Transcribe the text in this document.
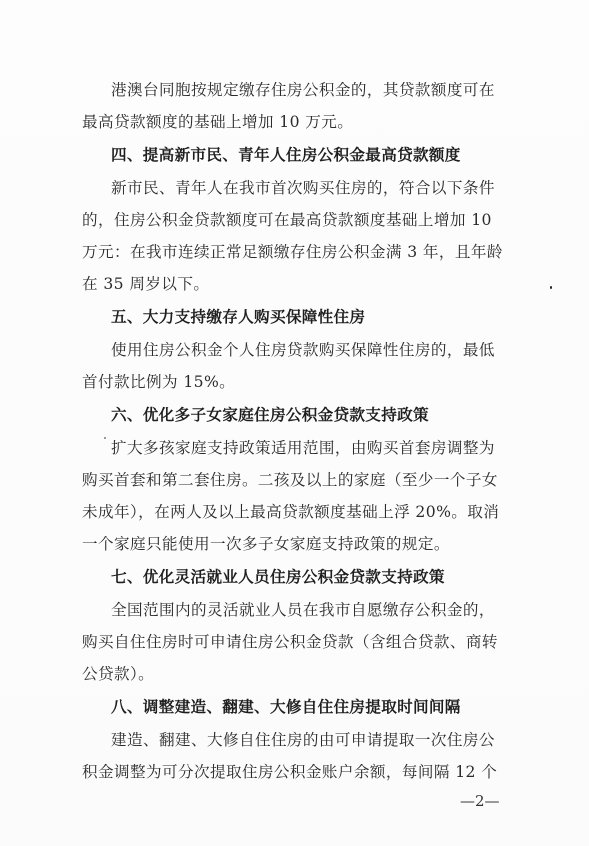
港澳台同胞按规定缴存住房公积金的，其贷款额度可在
最高贷款额度的基础上增加 10 万元。
四、提高新市民、青年人住房公积金最高贷款额度
新市民、青年人在我市首次购买住房的，符合以下条件
的，住房公积金贷款额度可在最高贷款额度基础上增加 10
万元：在我市连续正常足额缴存住房公积金满 3 年，且年龄
在 35 周岁以下。
五、大力支持缴存人购买保障性住房
使用住房公积金个人住房贷款购买保障性住房的，最低
首付款比例为 15%。
六、优化多子女家庭住房公积金贷款支持政策
扩大多孩家庭支持政策适用范围，由购买首套房调整为
购买首套和第二套住房。二孩及以上的家庭（至少一个子女
未成年），在两人及以上最高贷款额度基础上浮 20%。取消
一个家庭只能使用一次多子女家庭支持政策的规定。
七、优化灵活就业人员住房公积金贷款支持政策
全国范围内的灵活就业人员在我市自愿缴存公积金的，
购买自住住房时可申请住房公积金贷款（含组合贷款、商转
公贷款）。
八、调整建造、翻建、大修自住住房提取时间间隔
建造、翻建、大修自住住房的由可申请提取一次住房公
积金调整为可分次提取住房公积金账户余额，每间隔 12 个
—2—
